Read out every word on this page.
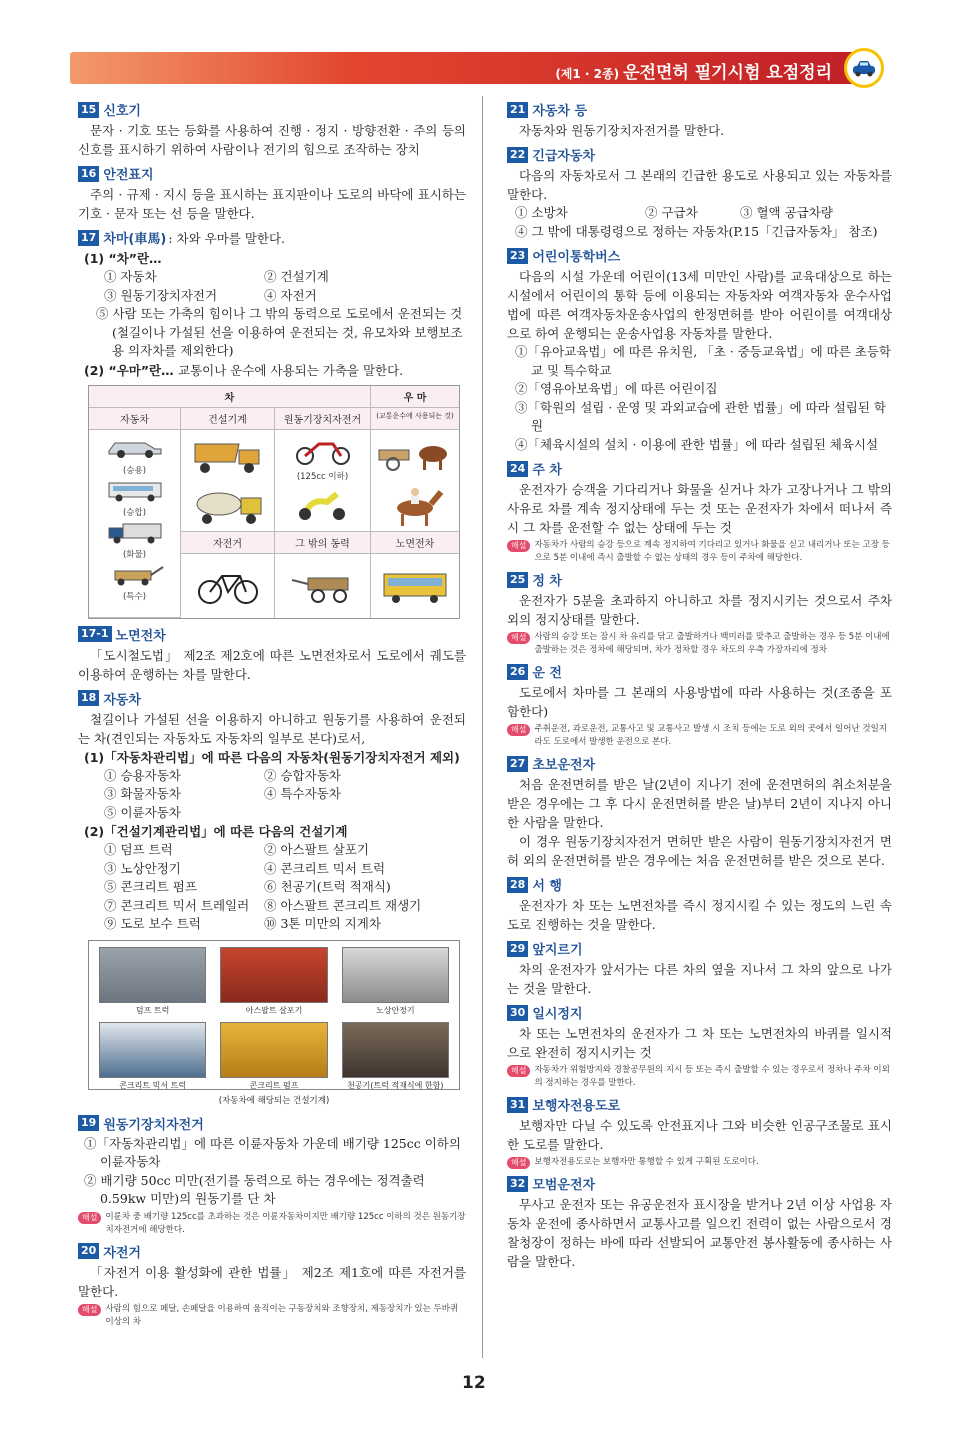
(제1 · 2종) 운전면허 필기시험 요점정리
15 신호기
문자 · 기호 또는 등화를 사용하여 진행 · 정지 · 방향전환 · 주의 등의 신호를 표시하기 위하여 사람이나 전기의 힘으로 조작하는 장치
16 안전표지
주의 · 규제 · 지시 등을 표시하는 표지판이나 도로의 바닥에 표시하는 기호 · 문자 또는 선 등을 말한다.
17 차마(車馬) : 차와 우마를 말한다.
(1) “차”란…
① 자동차	② 건설기계
③ 원동기장치자전거	④ 자전거
⑤ 사람 또는 가축의 힘이나 그 밖의 동력으로 도로에서 운전되는 것(철길이나 가설된 선을 이용하여 운전되는 것, 유모차와 보행보조용 의자차를 제외한다)
(2) “우마”란… 교통이나 운수에 사용되는 가축을 말한다.
차	우 마
자동차	건설기계	원동기장치자전거	(교통운수에 사용되는 것)
(승용)
(승합)
(화물)
(특수)
(125cc 이하)
자전거	그 밖의 동력	노면전차
17-1 노면전차
「도시철도법」 제2조 제2호에 따른 노면전차로서 도로에서 궤도를 이용하여 운행하는 차를 말한다.
18 자동차
철길이나 가설된 선을 이용하지 아니하고 원동기를 사용하여 운전되는 차(견인되는 자동차도 자동차의 일부로 본다)로서,
(1)「자동차관리법」에 따른 다음의 자동차(원동기장치자전거 제외)
① 승용자동차	② 승합자동차
③ 화물자동차	④ 특수자동차
⑤ 이륜자동차
(2)「건설기계관리법」에 따른 다음의 건설기계
① 덤프 트럭	② 아스팔트 살포기
③ 노상안정기	④ 콘크리트 믹서 트럭
⑤ 콘크리트 펌프	⑥ 천공기(트럭 적재식)
⑦ 콘크리트 믹서 트레일러	⑧ 아스팔트 콘크리트 재생기
⑨ 도로 보수 트럭	⑩ 3톤 미만의 지게차
덤프 트럭	아스팔트 살포기	노상안정기
콘크리트 믹서 트럭	콘크리트 펌프	천공기(트럭 적재식에 한함)
(자동차에 해당되는 건설기계)
19 원동기장치자전거
①「자동차관리법」에 따른 이륜자동차 가운데 배기량 125cc 이하의 이륜자동차
② 배기량 50cc 미만(전기를 동력으로 하는 경우에는 정격출력 0.59kw 미만)의 원동기를 단 차
해설 이륜차 중 배기량 125cc를 초과하는 것은 이륜자동차이지만 배기량 125cc 이하의 것은 원동기장치자전거에 해당한다.
20 자전거
「자전거 이용 활성화에 관한 법률」 제2조 제1호에 따른 자전거를 말한다.
해설 사람의 힘으로 페달, 손페달을 이용하여 움직이는 구동장치와 조향장치, 제동장치가 있는 두바퀴 이상의 차
21 자동차 등
자동차와 원동기장치자전거를 말한다.
22 긴급자동차
다음의 자동차로서 그 본래의 긴급한 용도로 사용되고 있는 자동차를 말한다.
① 소방차	② 구급차	③ 혈액 공급차량
④ 그 밖에 대통령령으로 정하는 자동차(P.15「긴급자동차」 참조)
23 어린이통학버스
다음의 시설 가운데 어린이(13세 미만인 사람)를 교육대상으로 하는 시설에서 어린이의 통학 등에 이용되는 자동차와 여객자동차 운수사업법에 따른 여객자동차운송사업의 한정면허를 받아 어린이를 여객대상으로 하여 운행되는 운송사업용 자동차를 말한다.
①「유아교육법」에 따른 유치원, 「초 · 중등교육법」에 따른 초등학교 및 특수학교
②「영유아보육법」에 따른 어린이집
③「학원의 설립 · 운영 및 과외교습에 관한 법률」에 따라 설립된 학원
④「체육시설의 설치 · 이용에 관한 법률」에 따라 설립된 체육시설
24 주 차
운전자가 승객을 기다리거나 화물을 싣거나 차가 고장나거나 그 밖의 사유로 차를 계속 정지상태에 두는 것 또는 운전자가 차에서 떠나서 즉시 그 차를 운전할 수 없는 상태에 두는 것
해설 자동차가 사람의 승강 등으로 계속 정지하여 기다리고 있거나 화물을 싣고 내리거나 또는 고장 등으로 5분 이내에 즉시 출발할 수 없는 상태의 경우 등이 주차에 해당한다.
25 정 차
운전자가 5분을 초과하지 아니하고 차를 정지시키는 것으로서 주차 외의 정지상태를 말한다.
해설 사람의 승강 또는 잠시 차 유리를 닦고 출발하거나 백미러를 맞추고 출발하는 경우 등 5분 이내에 출발하는 것은 정차에 해당되며, 차가 정차할 경우 차도의 우측 가장자리에 정차
26 운 전
도로에서 차마를 그 본래의 사용방법에 따라 사용하는 것(조종을 포함한다)
해설 주취운전, 과로운전, 교통사고 및 교통사고 발생 시 조치 등에는 도로 외의 곳에서 일어난 것일지라도 도로에서 발생한 운전으로 본다.
27 초보운전자
처음 운전면허를 받은 날(2년이 지나기 전에 운전면허의 취소처분을 받은 경우에는 그 후 다시 운전면허를 받은 날)부터 2년이 지나지 아니한 사람을 말한다.
이 경우 원동기장치자전거 면허만 받은 사람이 원동기장치자전거 면허 외의 운전면허를 받은 경우에는 처음 운전면허를 받은 것으로 본다.
28 서 행
운전자가 차 또는 노면전차를 즉시 정지시킬 수 있는 정도의 느린 속도로 진행하는 것을 말한다.
29 앞지르기
차의 운전자가 앞서가는 다른 차의 옆을 지나서 그 차의 앞으로 나가는 것을 말한다.
30 일시정지
차 또는 노면전차의 운전자가 그 차 또는 노면전차의 바퀴를 일시적으로 완전히 정지시키는 것
해설 자동차가 위험방지와 경찰공무원의 지시 등 또는 즉시 출발할 수 있는 경우로서 정차나 주차 이외의 정지하는 경우를 말한다.
31 보행자전용도로
보행자만 다닐 수 있도록 안전표지나 그와 비슷한 인공구조물로 표시한 도로를 말한다.
해설 보행자전용도로는 보행자만 통행할 수 있게 구획된 도로이다.
32 모범운전자
무사고 운전자 또는 유공운전자 표시장을 받거나 2년 이상 사업용 자동차 운전에 종사하면서 교통사고를 일으킨 전력이 없는 사람으로서 경찰청장이 정하는 바에 따라 선발되어 교통안전 봉사활동에 종사하는 사람을 말한다.
12
